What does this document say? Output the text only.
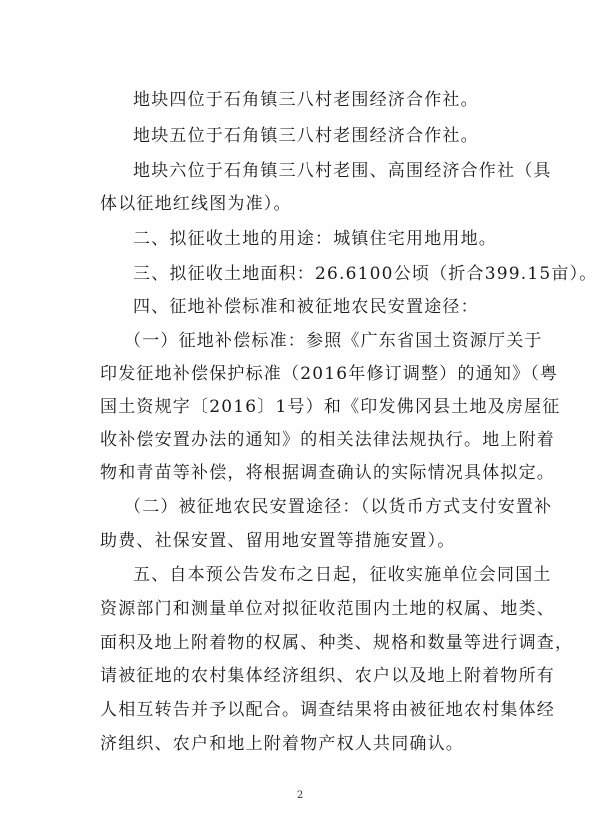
地块四位于石角镇三八村老围经济合作社。
地块五位于石角镇三八村老围经济合作社。
地块六位于石角镇三八村老围、高围经济合作社（具
体以征地红线图为准）。
二、拟征收土地的用途：城镇住宅用地用地。
三、拟征收土地面积：26.6100公顷（折合399.15亩）。
四、征地补偿标准和被征地农民安置途径：
（一）征地补偿标准：参照《广东省国土资源厅关于
印发征地补偿保护标准（2016年修订调整）的通知》（粤
国土资规字〔2016〕1号）和《印发佛冈县土地及房屋征
收补偿安置办法的通知》的相关法律法规执行。地上附着
物和青苗等补偿，将根据调查确认的实际情况具体拟定。
（二）被征地农民安置途径：（以货币方式支付安置补
助费、社保安置、留用地安置等措施安置）。
五、自本预公告发布之日起，征收实施单位会同国土
资源部门和测量单位对拟征收范围内土地的权属、地类、
面积及地上附着物的权属、种类、规格和数量等进行调查，
请被征地的农村集体经济组织、农户以及地上附着物所有
人相互转告并予以配合。调查结果将由被征地农村集体经
济组织、农户和地上附着物产权人共同确认。
2
